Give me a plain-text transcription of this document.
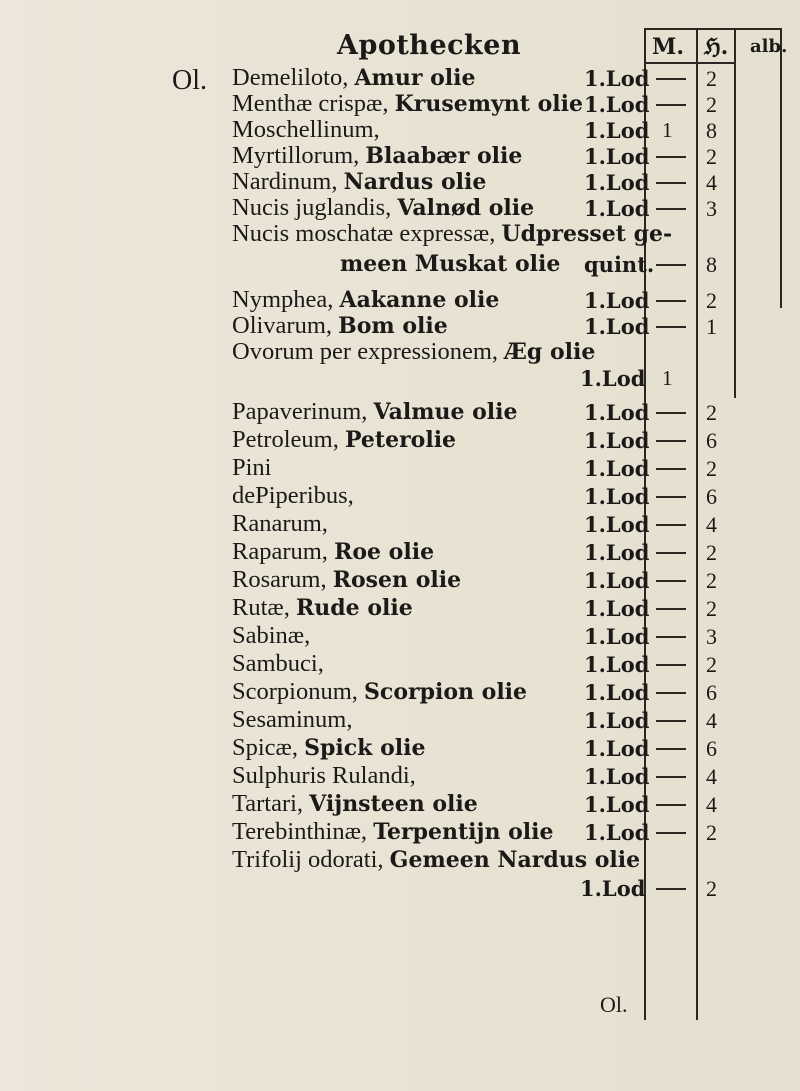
Apothecken
Ol.
M. ℌ. alb.
Demeliloto, Amur olie	1.Lod	2
Menthæ crispæ, Krusemynt olie 1.Lod	2
Moschellinum,	1.Lod 1 8
Myrtillorum, Blaabær olie	1.Lod	2
Nardinum, Nardus olie	1.Lod	4
Nucis juglandis, Valnød olie 1.Lod	3
Nucis moschatæ expressæ, Udpresset ge-
meen Muskat olie quint. 8
Nymphea, Aakanne olie	1.Lod	2
Olivarum, Bom olie	1.Lod	1
Ovorum per expressionem, Æg olie
1.Lod 1
Papaverinum, Valmue olie	1.Lod	2
Petroleum, Peterolie	1.Lod	6
Pini	1.Lod	2
dePiperibus,	1.Lod	6
Ranarum,	1.Lod	4
Raparum, Roe olie	1.Lod	2
Rosarum, Rosen olie	1.Lod	2
Rutæ, Rude olie	1.Lod	2
Sabinæ,	1.Lod	3
Sambuci,	1.Lod	2
Scorpionum, Scorpion olie	1.Lod	6
Sesaminum,	1.Lod	4
Spicæ, Spick olie	1.Lod	6
Sulphuris Rulandi,	1.Lod	4
Tartari, Vijnsteen olie	1.Lod	4
Terebinthinæ, Terpentijn olie 1.Lod	2
Trifolij odorati, Gemeen Nardus olie
1.Lod	2
Ol.
